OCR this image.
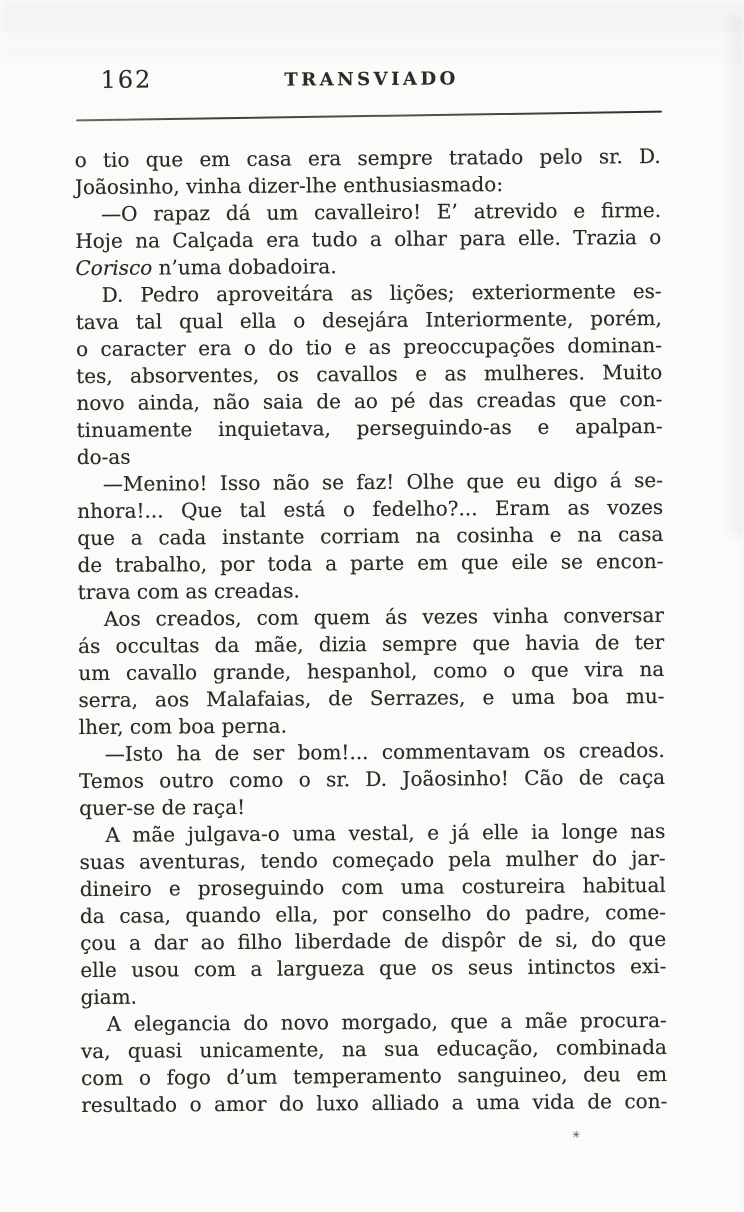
162	TRANSVIADO
o tio que em casa era sempre tratado pelo sr. D.
Joãosinho, vinha dizer-lhe enthusiasmado:
—O rapaz dá um cavalleiro! E’ atrevido e firme.
Hoje na Calçada era tudo a olhar para elle. Trazia o
Corisco n’uma dobadoira.
D. Pedro aproveitára as lições; exteriormente es-
tava tal qual ella o desejára Interiormente, porém,
o caracter era o do tio e as preoccupações dominan-
tes, absorventes, os cavallos e as mulheres. Muito
novo ainda, não saia de ao pé das creadas que con-
tinuamente inquietava, perseguindo-as e apalpan-
do-as
—Menino! Isso não se faz! Olhe que eu digo á se-
nhora!... Que tal está o fedelho?... Eram as vozes
que a cada instante corriam na cosinha e na casa
de trabalho, por toda a parte em que eile se encon-
trava com as creadas.
Aos creados, com quem ás vezes vinha conversar
ás occultas da mãe, dizia sempre que havia de ter
um cavallo grande, hespanhol, como o que vira na
serra, aos Malafaias, de Serrazes, e uma boa mu-
lher, com boa perna.
—Isto ha de ser bom!... commentavam os creados.
Temos outro como o sr. D. Joãosinho! Cão de caça
quer-se de raça!
A mãe julgava-o uma vestal, e já elle ia longe nas
suas aventuras, tendo começado pela mulher do jar-
dineiro e proseguindo com uma costureira habitual
da casa, quando ella, por conselho do padre, come-
çou a dar ao filho liberdade de dispôr de si, do que
elle usou com a largueza que os seus intinctos exi-
giam.
A elegancia do novo morgado, que a mãe procura-
va, quasi unicamente, na sua educação, combinada
com o fogo d’um temperamento sanguineo, deu em
resultado o amor do luxo alliado a uma vida de con-
✳
